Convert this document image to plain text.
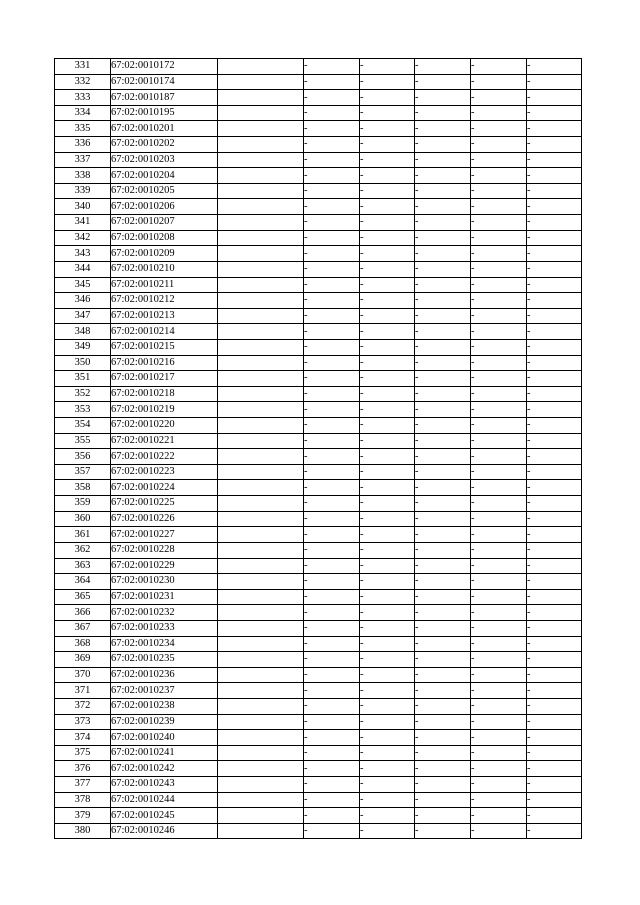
331	67:02:0010172		-	-	-	-	-
332	67:02:0010174		-	-	-	-	-
333	67:02:0010187		-	-	-	-	-
334	67:02:0010195		-	-	-	-	-
335	67:02:0010201		-	-	-	-	-
336	67:02:0010202		-	-	-	-	-
337	67:02:0010203		-	-	-	-	-
338	67:02:0010204		-	-	-	-	-
339	67:02:0010205		-	-	-	-	-
340	67:02:0010206		-	-	-	-	-
341	67:02:0010207		-	-	-	-	-
342	67:02:0010208		-	-	-	-	-
343	67:02:0010209		-	-	-	-	-
344	67:02:0010210		-	-	-	-	-
345	67:02:0010211		-	-	-	-	-
346	67:02:0010212		-	-	-	-	-
347	67:02:0010213		-	-	-	-	-
348	67:02:0010214		-	-	-	-	-
349	67:02:0010215		-	-	-	-	-
350	67:02:0010216		-	-	-	-	-
351	67:02:0010217		-	-	-	-	-
352	67:02:0010218		-	-	-	-	-
353	67:02:0010219		-	-	-	-	-
354	67:02:0010220		-	-	-	-	-
355	67:02:0010221		-	-	-	-	-
356	67:02:0010222		-	-	-	-	-
357	67:02:0010223		-	-	-	-	-
358	67:02:0010224		-	-	-	-	-
359	67:02:0010225		-	-	-	-	-
360	67:02:0010226		-	-	-	-	-
361	67:02:0010227		-	-	-	-	-
362	67:02:0010228		-	-	-	-	-
363	67:02:0010229		-	-	-	-	-
364	67:02:0010230		-	-	-	-	-
365	67:02:0010231		-	-	-	-	-
366	67:02:0010232		-	-	-	-	-
367	67:02:0010233		-	-	-	-	-
368	67:02:0010234		-	-	-	-	-
369	67:02:0010235		-	-	-	-	-
370	67:02:0010236		-	-	-	-	-
371	67:02:0010237		-	-	-	-	-
372	67:02:0010238		-	-	-	-	-
373	67:02:0010239		-	-	-	-	-
374	67:02:0010240		-	-	-	-	-
375	67:02:0010241		-	-	-	-	-
376	67:02:0010242		-	-	-	-	-
377	67:02:0010243		-	-	-	-	-
378	67:02:0010244		-	-	-	-	-
379	67:02:0010245		-	-	-	-	-
380	67:02:0010246		-	-	-	-	-
